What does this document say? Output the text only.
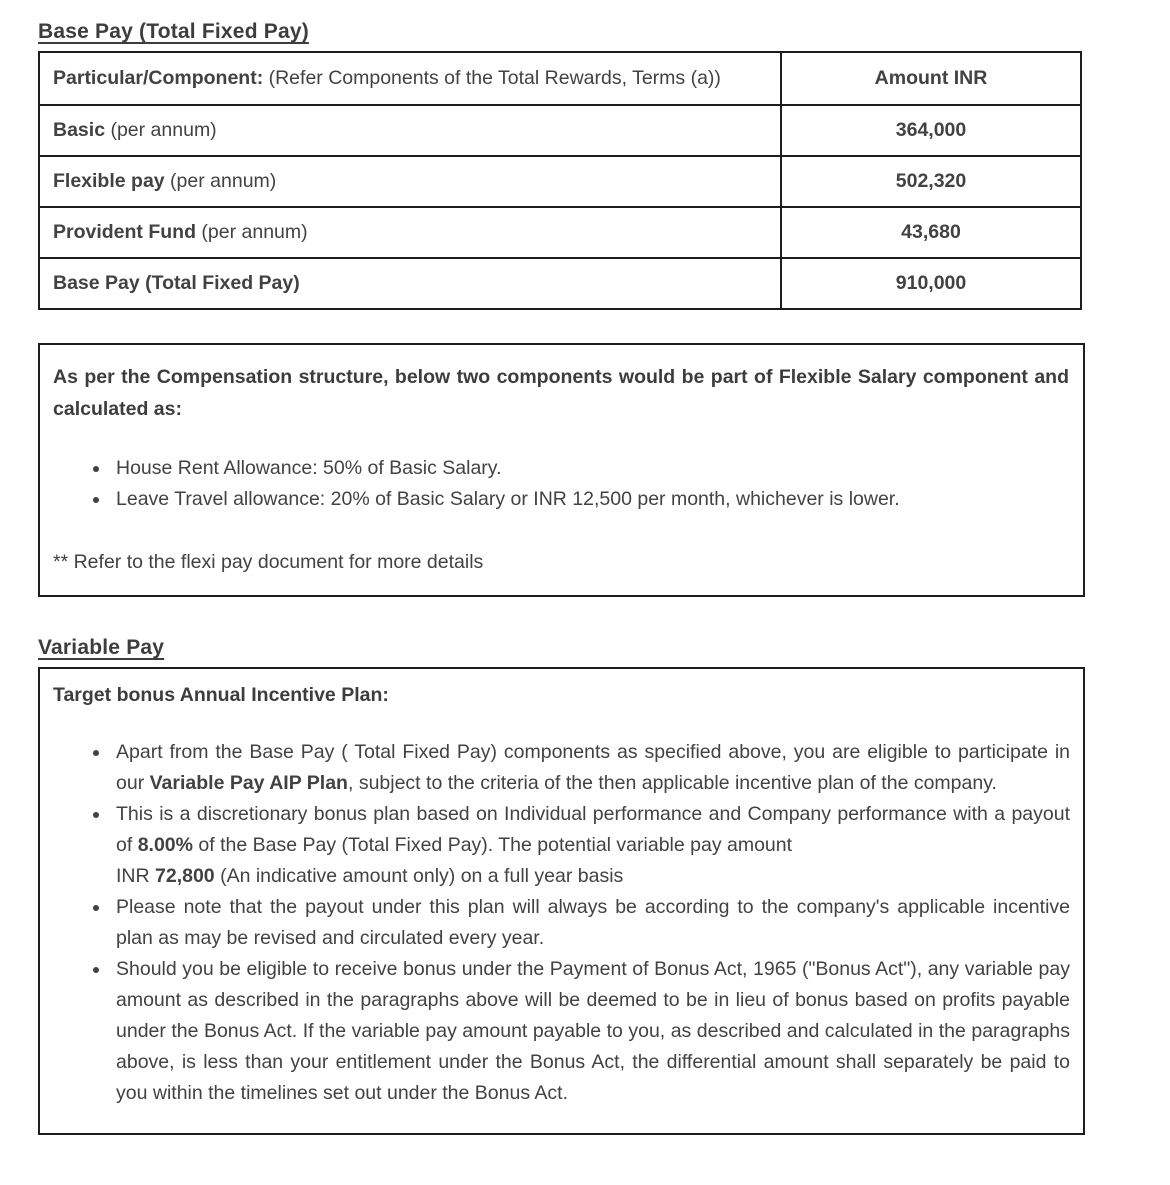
Base Pay (Total Fixed Pay)
Particular/Component: (Refer Components of the Total Rewards, Terms (a))	Amount INR
Basic (per annum)	364,000
Flexible pay (per annum)	502,320
Provident Fund (per annum)	43,680
Base Pay (Total Fixed Pay)	910,000

As per the Compensation structure, below two components would be part of Flexible Salary component and calculated as:

• House Rent Allowance: 50% of Basic Salary.
• Leave Travel allowance: 20% of Basic Salary or INR 12,500 per month, whichever is lower.

** Refer to the flexi pay document for more details

Variable Pay

Target bonus Annual Incentive Plan:

• Apart from the Base Pay ( Total Fixed Pay) components as specified above, you are eligible to participate in our Variable Pay AIP Plan, subject to the criteria of the then applicable incentive plan of the company.
• This is a discretionary bonus plan based on Individual performance and Company performance with a payout of 8.00% of the Base Pay (Total Fixed Pay). The potential variable pay amount
INR 72,800 (An indicative amount only) on a full year basis
• Please note that the payout under this plan will always be according to the company's applicable incentive plan as may be revised and circulated every year.
• Should you be eligible to receive bonus under the Payment of Bonus Act, 1965 ("Bonus Act"), any variable pay amount as described in the paragraphs above will be deemed to be in lieu of bonus based on profits payable under the Bonus Act. If the variable pay amount payable to you, as described and calculated in the paragraphs above, is less than your entitlement under the Bonus Act, the differential amount shall separately be paid to you within the timelines set out under the Bonus Act.
